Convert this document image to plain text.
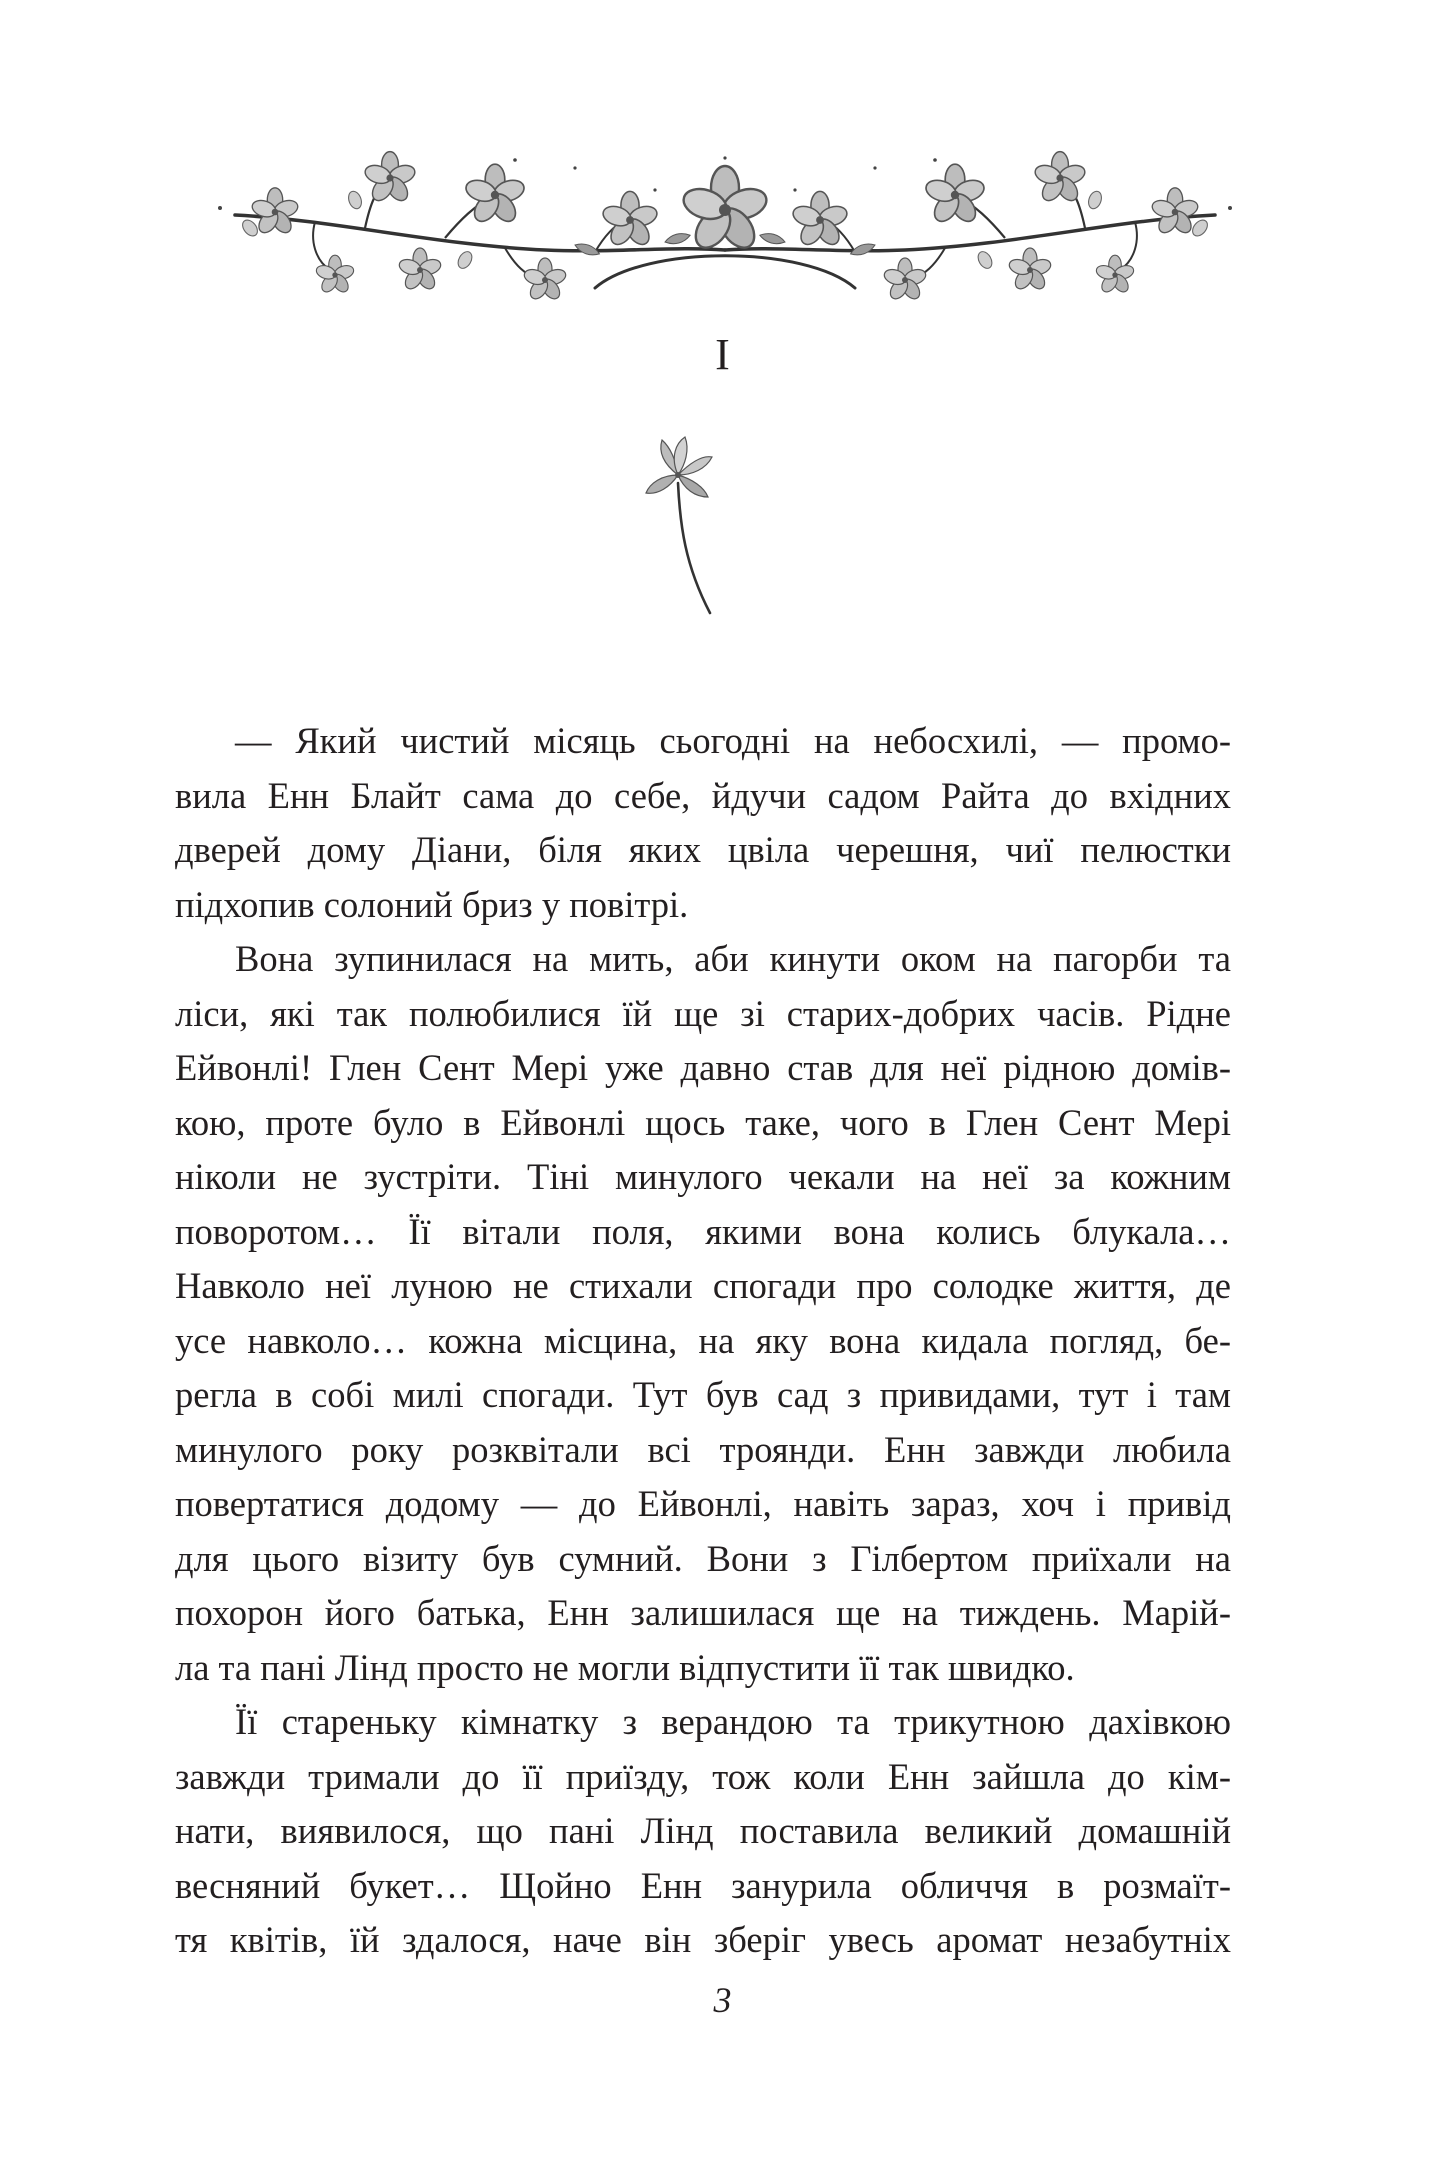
I

— Який чистий місяць сьогодні на небосхилі, — промо-
вила Енн Блайт сама до себе, йдучи садом Райта до вхідних
дверей дому Діани, біля яких цвіла черешня, чиї пелюстки
підхопив солоний бриз у повітрі.

Вона зупинилася на мить, аби кинути оком на пагорби та
ліси, які так полюбилися їй ще зі старих-добрих часів. Рідне
Ейвонлі! Глен Сент Мері уже давно став для неї рідною домів-
кою, проте було в Ейвонлі щось таке, чого в Глен Сент Мері
ніколи не зустріти. Тіні минулого чекали на неї за кожним
поворотом… Її вітали поля, якими вона колись блукала…
Навколо неї луною не стихали спогади про солодке життя, де
усе навколо… кожна місцина, на яку вона кидала погляд, бе-
регла в собі милі спогади. Тут був сад з привидами, тут і там
минулого року розквітали всі троянди. Енн завжди любила
повертатися додому — до Ейвонлі, навіть зараз, хоч і привід
для цього візиту був сумний. Вони з Гілбертом приїхали на
похорон його батька, Енн залишилася ще на тиждень. Марій-
ла та пані Лінд просто не могли відпустити її так швидко.

Її стареньку кімнатку з верандою та трикутною дахівкою
завжди тримали до її приїзду, тож коли Енн зайшла до кім-
нати, виявилося, що пані Лінд поставила великий домашній
весняний букет… Щойно Енн занурила обличчя в розмаїт-
тя квітів, їй здалося, наче він зберіг увесь аромат незабутніх

3
